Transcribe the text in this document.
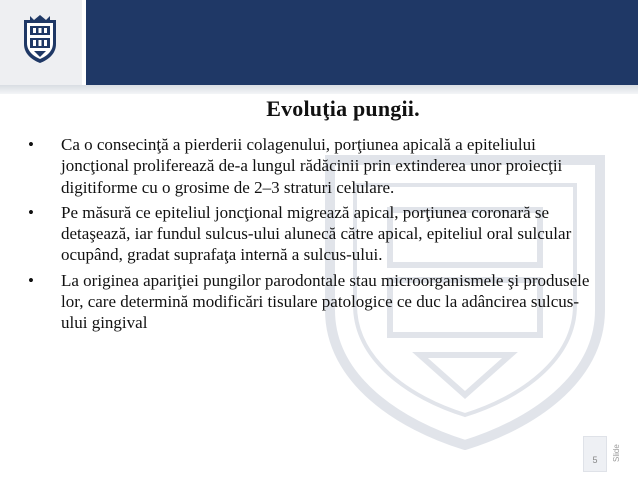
Evoluţia pungii.
• Ca o consecinţă a pierderii colagenului, porţiunea apicală a epiteliului joncţional proliferează de-a lungul rădăcinii prin extinderea unor proiecţii digitiforme cu o grosime de 2–3 straturi celulare.
• Pe măsură ce epiteliul joncţional migrează apical, porţiunea coronară se detaşează, iar fundul sulcus-ului alunecă către apical, epiteliul oral sulcular ocupând, gradat suprafaţa internă a sulcus-ului.
• La originea apariţiei pungilor parodontale stau microorganismele şi produsele lor, care determină modificări tisulare patologice ce duc la adâncirea sulcus-ului gingival
5	Slide
